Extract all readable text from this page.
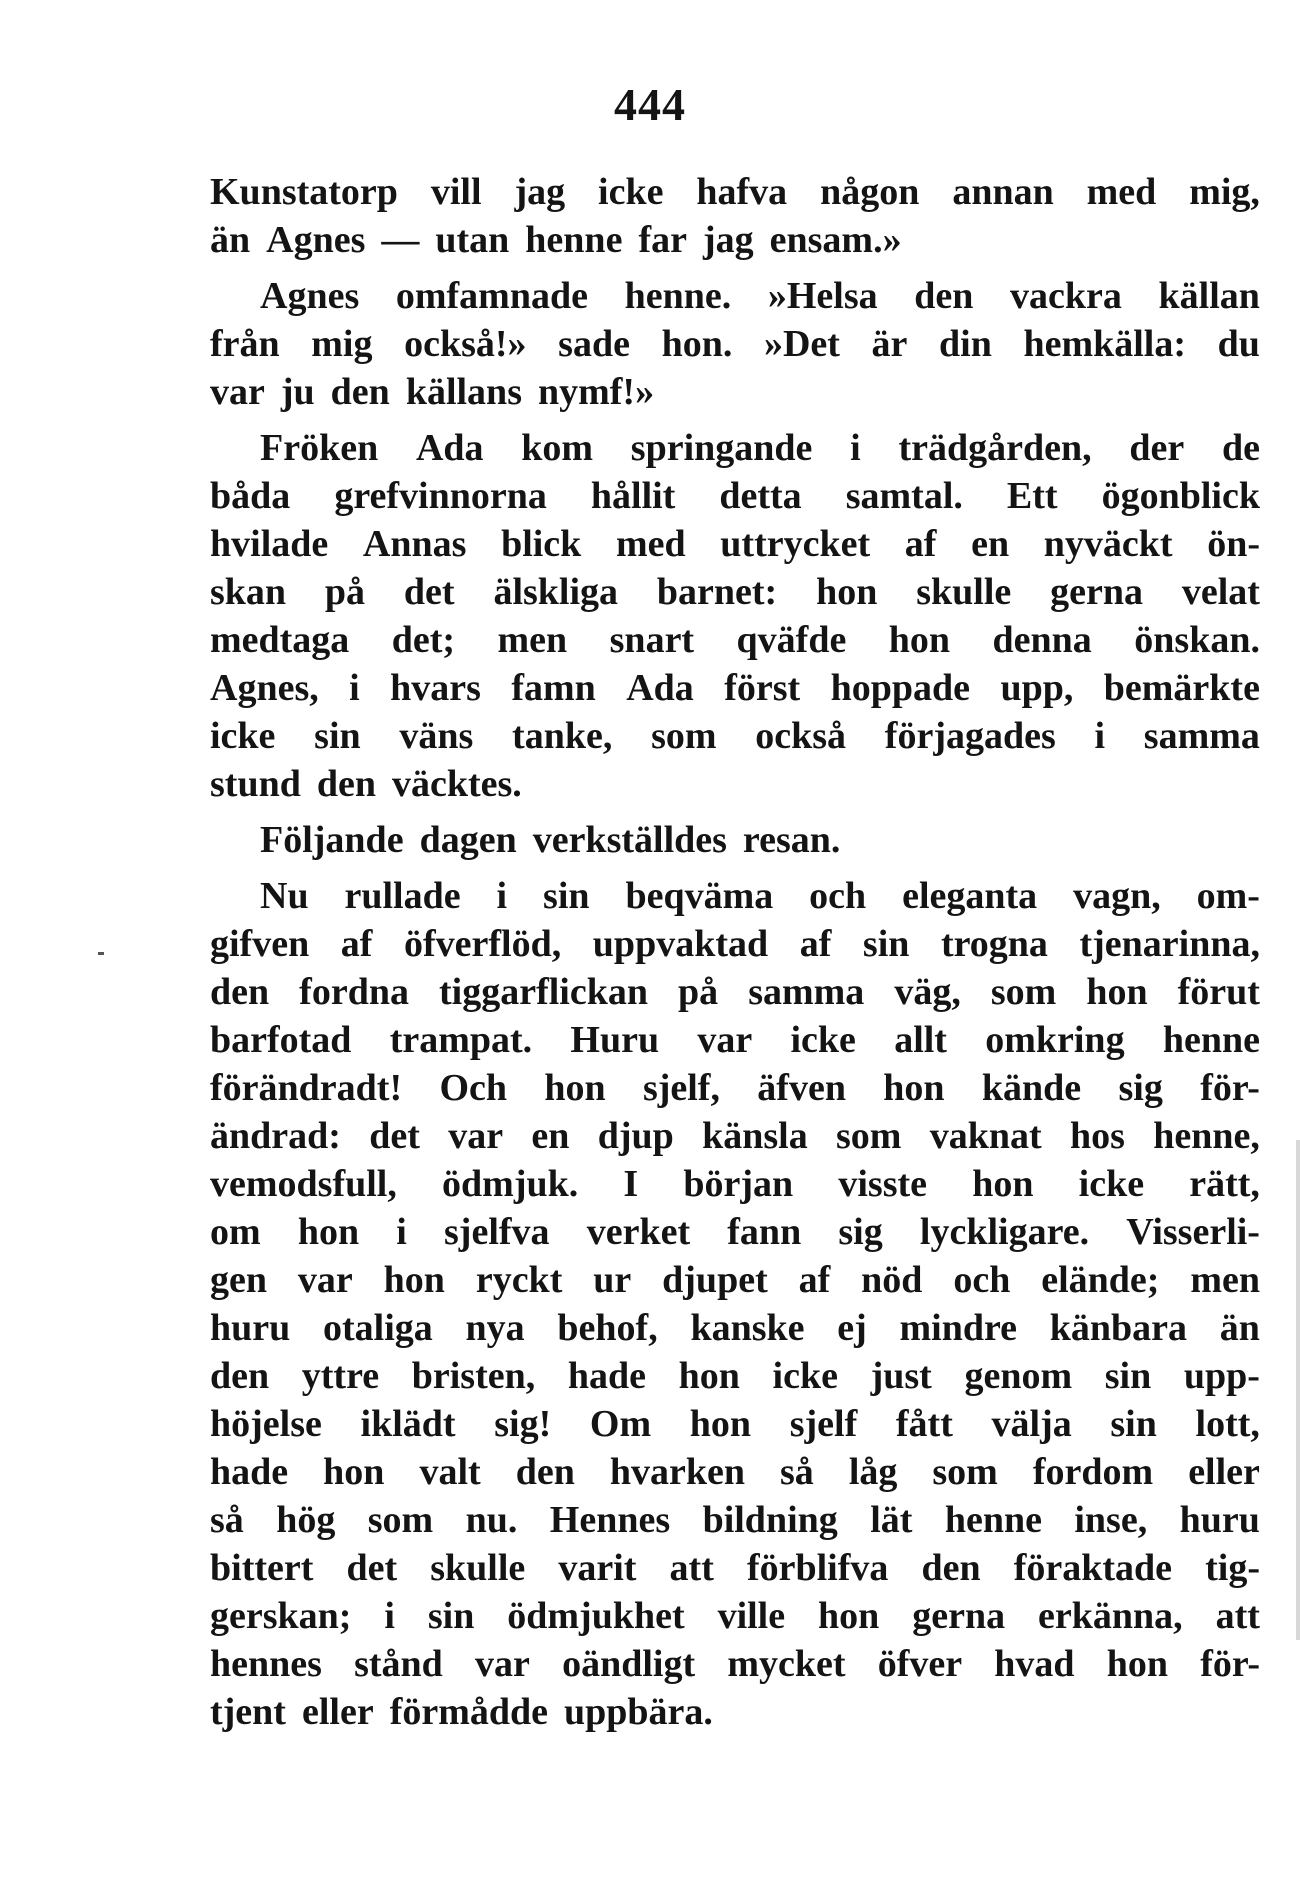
444
Kunstatorp vill jag icke hafva någon annan med mig,
än Agnes — utan henne far jag ensam.»
Agnes omfamnade henne. »Helsa den vackra källan
från mig också!» sade hon. »Det är din hemkälla: du
var ju den källans nymf!»
Fröken Ada kom springande i trädgården, der de
båda grefvinnorna hållit detta samtal. Ett ögonblick
hvilade Annas blick med uttrycket af en nyväckt ön-
skan på det älskliga barnet: hon skulle gerna velat
medtaga det; men snart qväfde hon denna önskan.
Agnes, i hvars famn Ada först hoppade upp, bemärkte
icke sin väns tanke, som också förjagades i samma
stund den väcktes.
Följande dagen verkställdes resan.
Nu rullade i sin beqväma och eleganta vagn, om-
gifven af öfverflöd, uppvaktad af sin trogna tjenarinna,
den fordna tiggarflickan på samma väg, som hon förut
barfotad trampat. Huru var icke allt omkring henne
förändradt! Och hon sjelf, äfven hon kände sig för-
ändrad: det var en djup känsla som vaknat hos henne,
vemodsfull, ödmjuk. I början visste hon icke rätt,
om hon i sjelfva verket fann sig lyckligare. Visserli-
gen var hon ryckt ur djupet af nöd och elände; men
huru otaliga nya behof, kanske ej mindre känbara än
den yttre bristen, hade hon icke just genom sin upp-
höjelse iklädt sig! Om hon sjelf fått välja sin lott,
hade hon valt den hvarken så låg som fordom eller
så hög som nu. Hennes bildning lät henne inse, huru
bittert det skulle varit att förblifva den föraktade tig-
gerskan; i sin ödmjukhet ville hon gerna erkänna, att
hennes stånd var oändligt mycket öfver hvad hon för-
tjent eller förmådde uppbära.
